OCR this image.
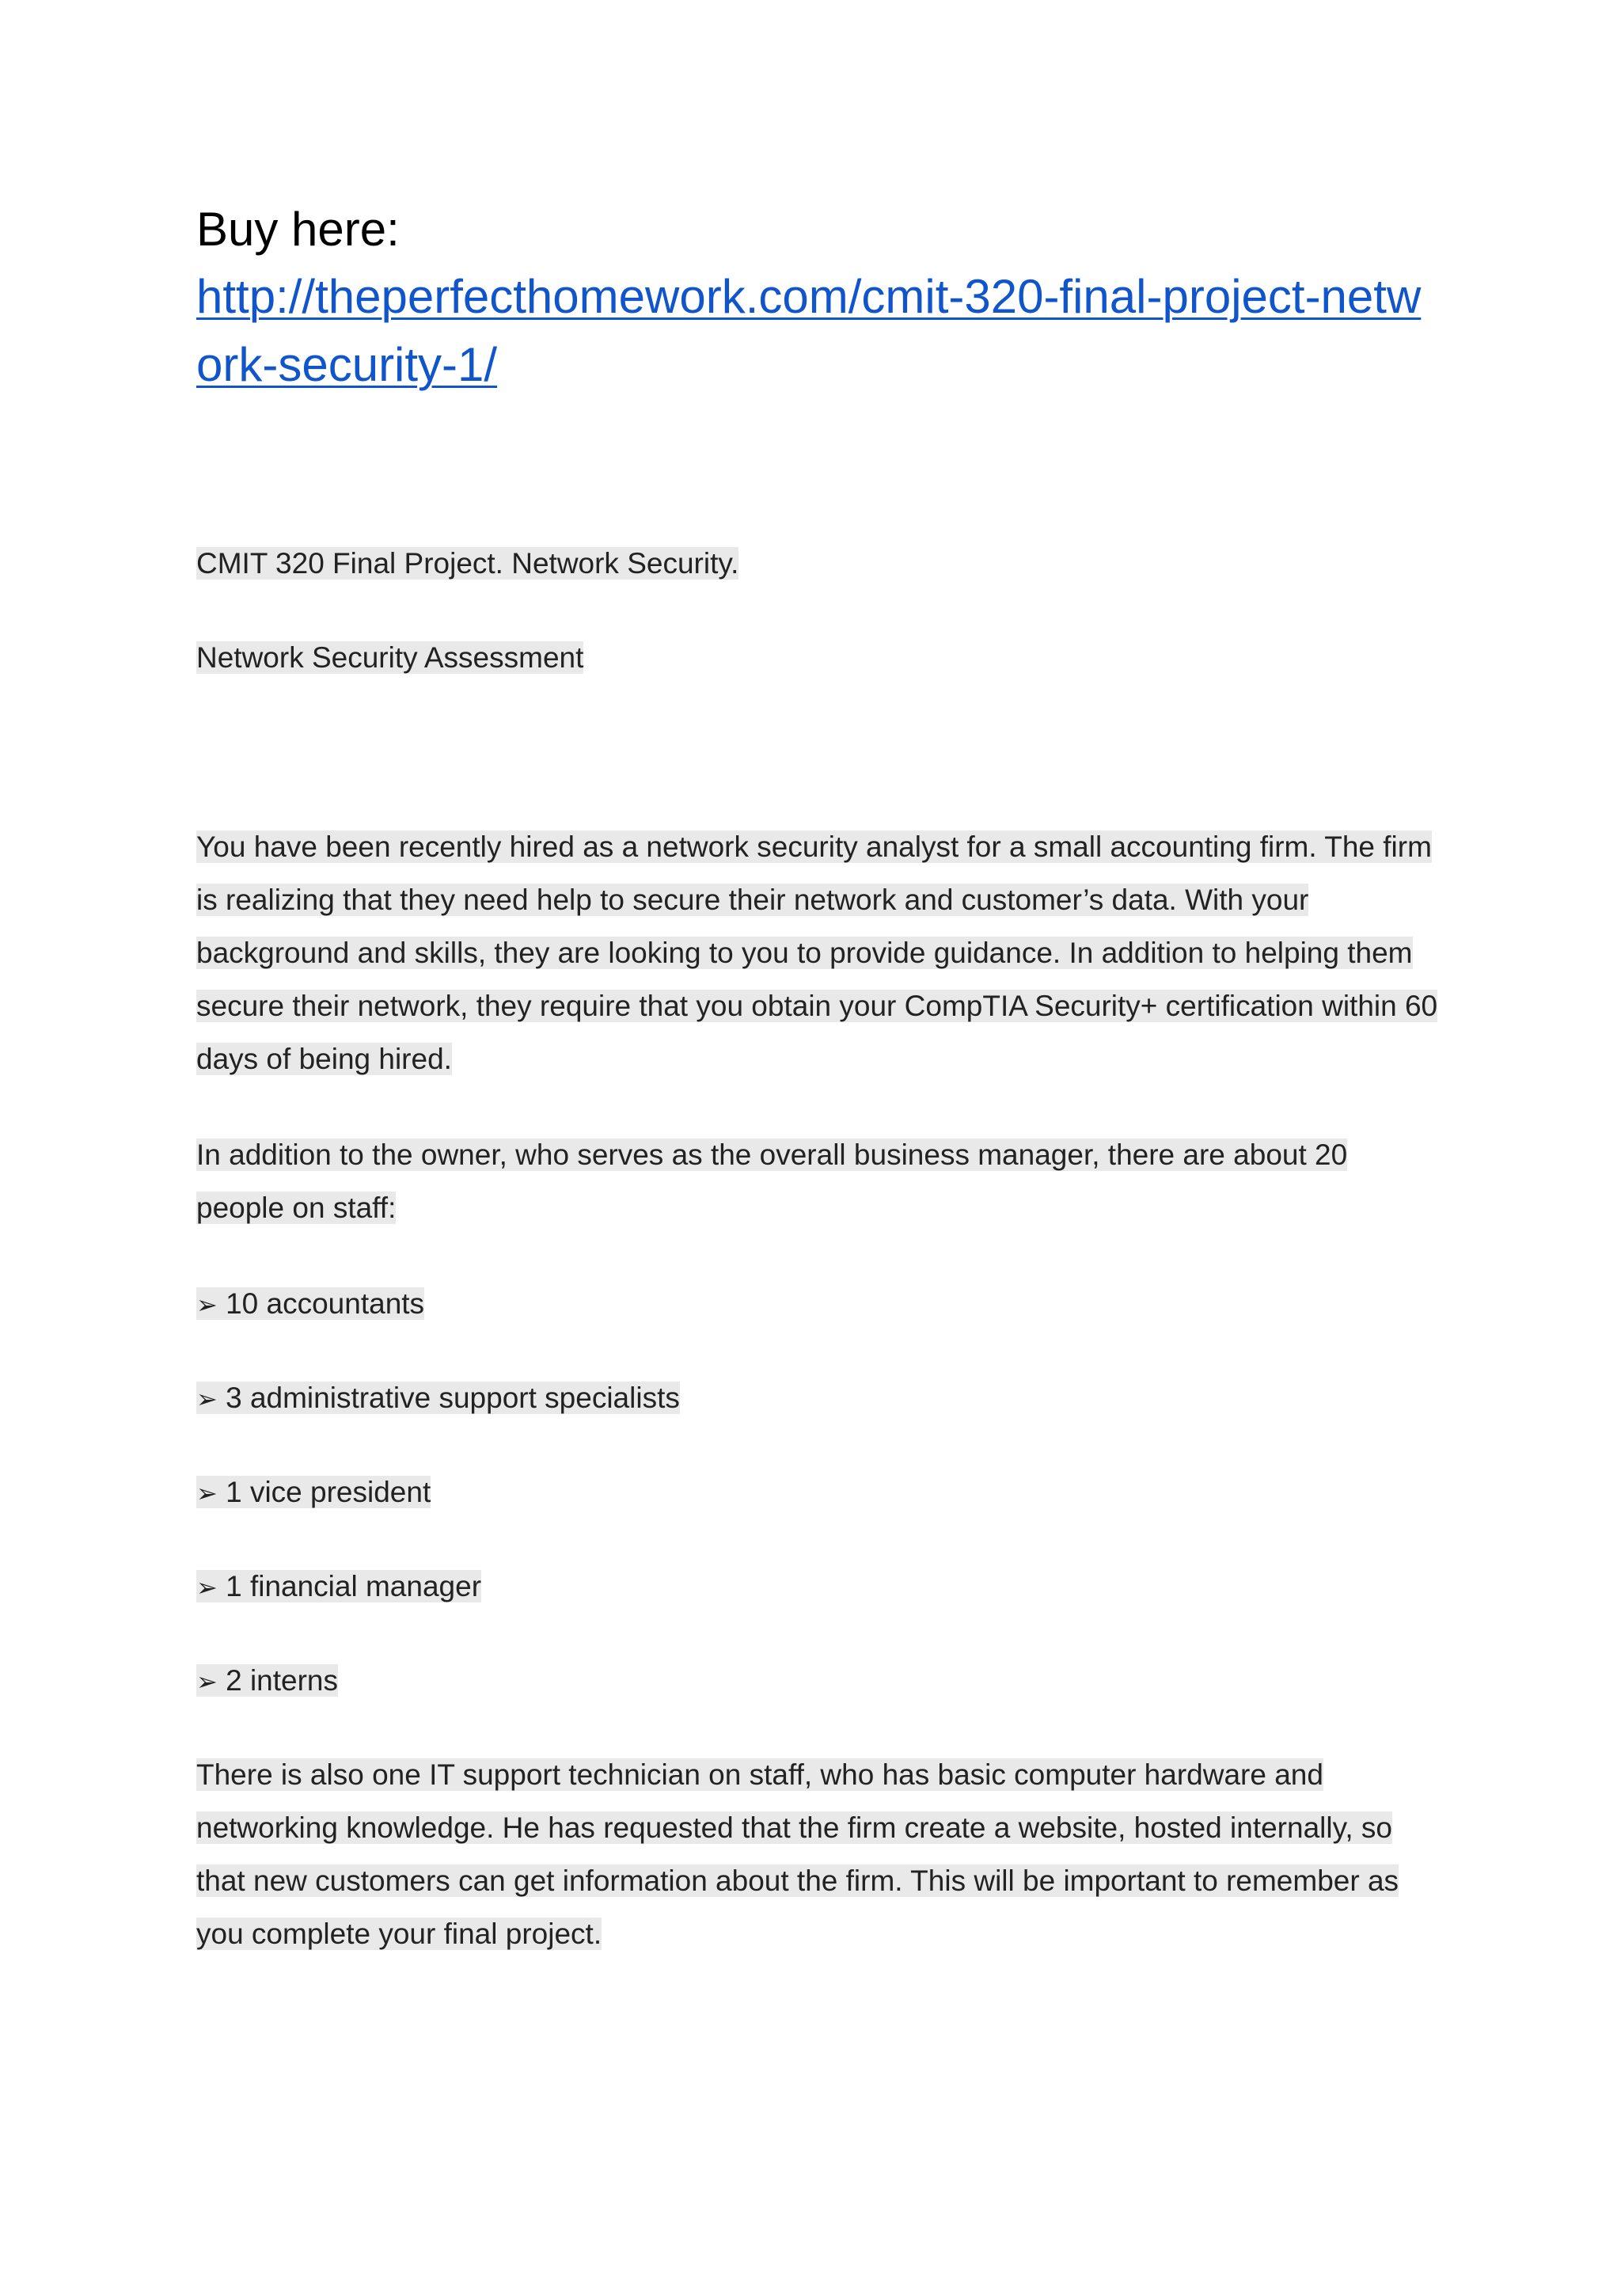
Buy here:

http://theperfecthomework.com/cmit-320-final-project-network-security-1/

CMIT 320 Final Project. Network Security.

Network Security Assessment

You have been recently hired as a network security analyst for a small accounting firm. The firm is realizing that they need help to secure their network and customer’s data. With your background and skills, they are looking to you to provide guidance. In addition to helping them secure their network, they require that you obtain your CompTIA Security+ certification within 60 days of being hired.

In addition to the owner, who serves as the overall business manager, there are about 20 people on staff:

➢ 10 accountants

➢ 3 administrative support specialists

➢ 1 vice president

➢ 1 financial manager

➢ 2 interns

There is also one IT support technician on staff, who has basic computer hardware and networking knowledge. He has requested that the firm create a website, hosted internally, so that new customers can get information about the firm. This will be important to remember as you complete your final project.
